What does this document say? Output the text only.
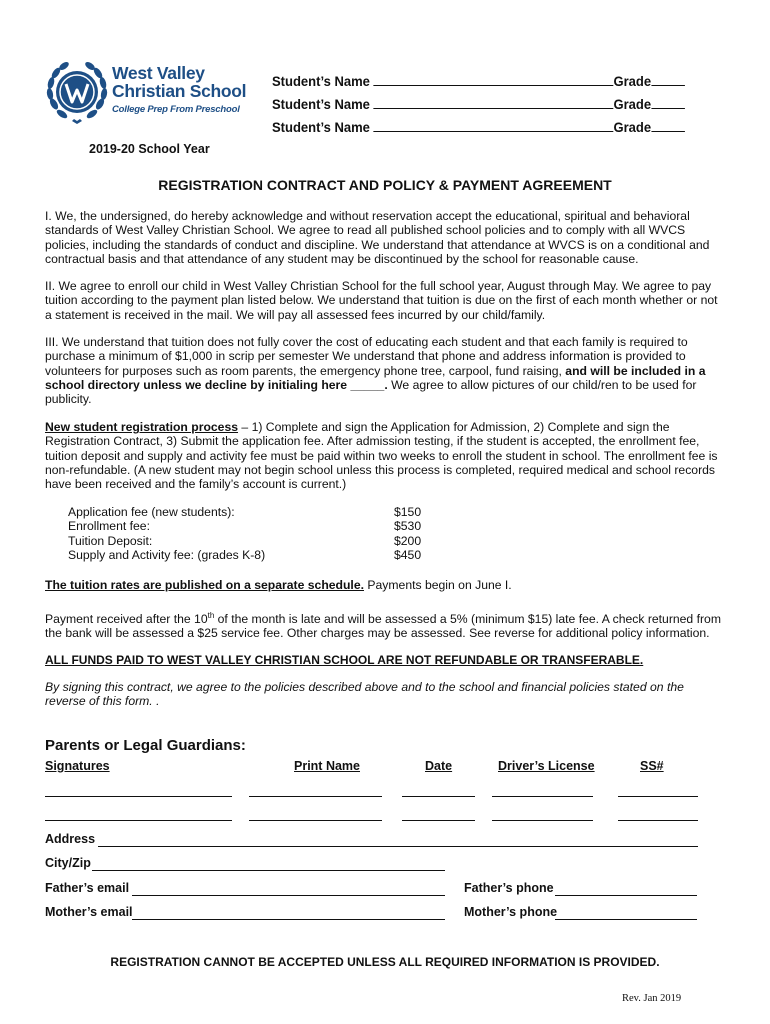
West Valley
Christian School
College Prep From Preschool
Student’s Name	Grade
Student’s Name	Grade
Student’s Name	Grade
2019-20 School Year
REGISTRATION CONTRACT AND POLICY & PAYMENT AGREEMENT

I. We, the undersigned, do hereby acknowledge and without reservation accept the educational, spiritual and behavioral standards of West Valley Christian School. We agree to read all published school policies and to comply with all WVCS policies, including the standards of conduct and discipline. We understand that attendance at WVCS is on a conditional and contractual basis and that attendance of any student may be discontinued by the school for reasonable cause.

II. We agree to enroll our child in West Valley Christian School for the full school year, August through May. We agree to pay tuition according to the payment plan listed below. We understand that tuition is due on the first of each month whether or not a statement is received in the mail. We will pay all assessed fees incurred by our child/family.

III. We understand that tuition does not fully cover the cost of educating each student and that each family is required to purchase a minimum of $1,000 in scrip per semester We understand that phone and address information is provided to volunteers for purposes such as room parents, the emergency phone tree, carpool, fund raising, and will be included in a school directory unless we decline by initialing here _____. We agree to allow pictures of our child/ren to be used for publicity.

New student registration process – 1) Complete and sign the Application for Admission, 2) Complete and sign the Registration Contract, 3) Submit the application fee. After admission testing, if the student is accepted, the enrollment fee, tuition deposit and supply and activity fee must be paid within two weeks to enroll the student in school. The enrollment fee is non-refundable. (A new student may not begin school unless this process is completed, required medical and school records have been received and the family’s account is current.)

Application fee (new students):	$150
Enrollment fee:	$530
Tuition Deposit:	$200
Supply and Activity fee: (grades K-8)	$450

The tuition rates are published on a separate schedule. Payments begin on June I.

Payment received after the 10th of the month is late and will be assessed a 5% (minimum $15) late fee. A check returned from the bank will be assessed a $25 service fee. Other charges may be assessed. See reverse for additional policy information.

ALL FUNDS PAID TO WEST VALLEY CHRISTIAN SCHOOL ARE NOT REFUNDABLE OR TRANSFERABLE.
By signing this contract, we agree to the policies described above and to the school and financial policies stated on the reverse of this form. .
Parents or Legal Guardians:
Signatures	Print Name	Date	Driver’s License	SS#
Address
City/Zip
Father’s email	Father’s phone
Mother’s email	Mother’s phone
REGISTRATION CANNOT BE ACCEPTED UNLESS ALL REQUIRED INFORMATION IS PROVIDED.
Rev. Jan 2019
